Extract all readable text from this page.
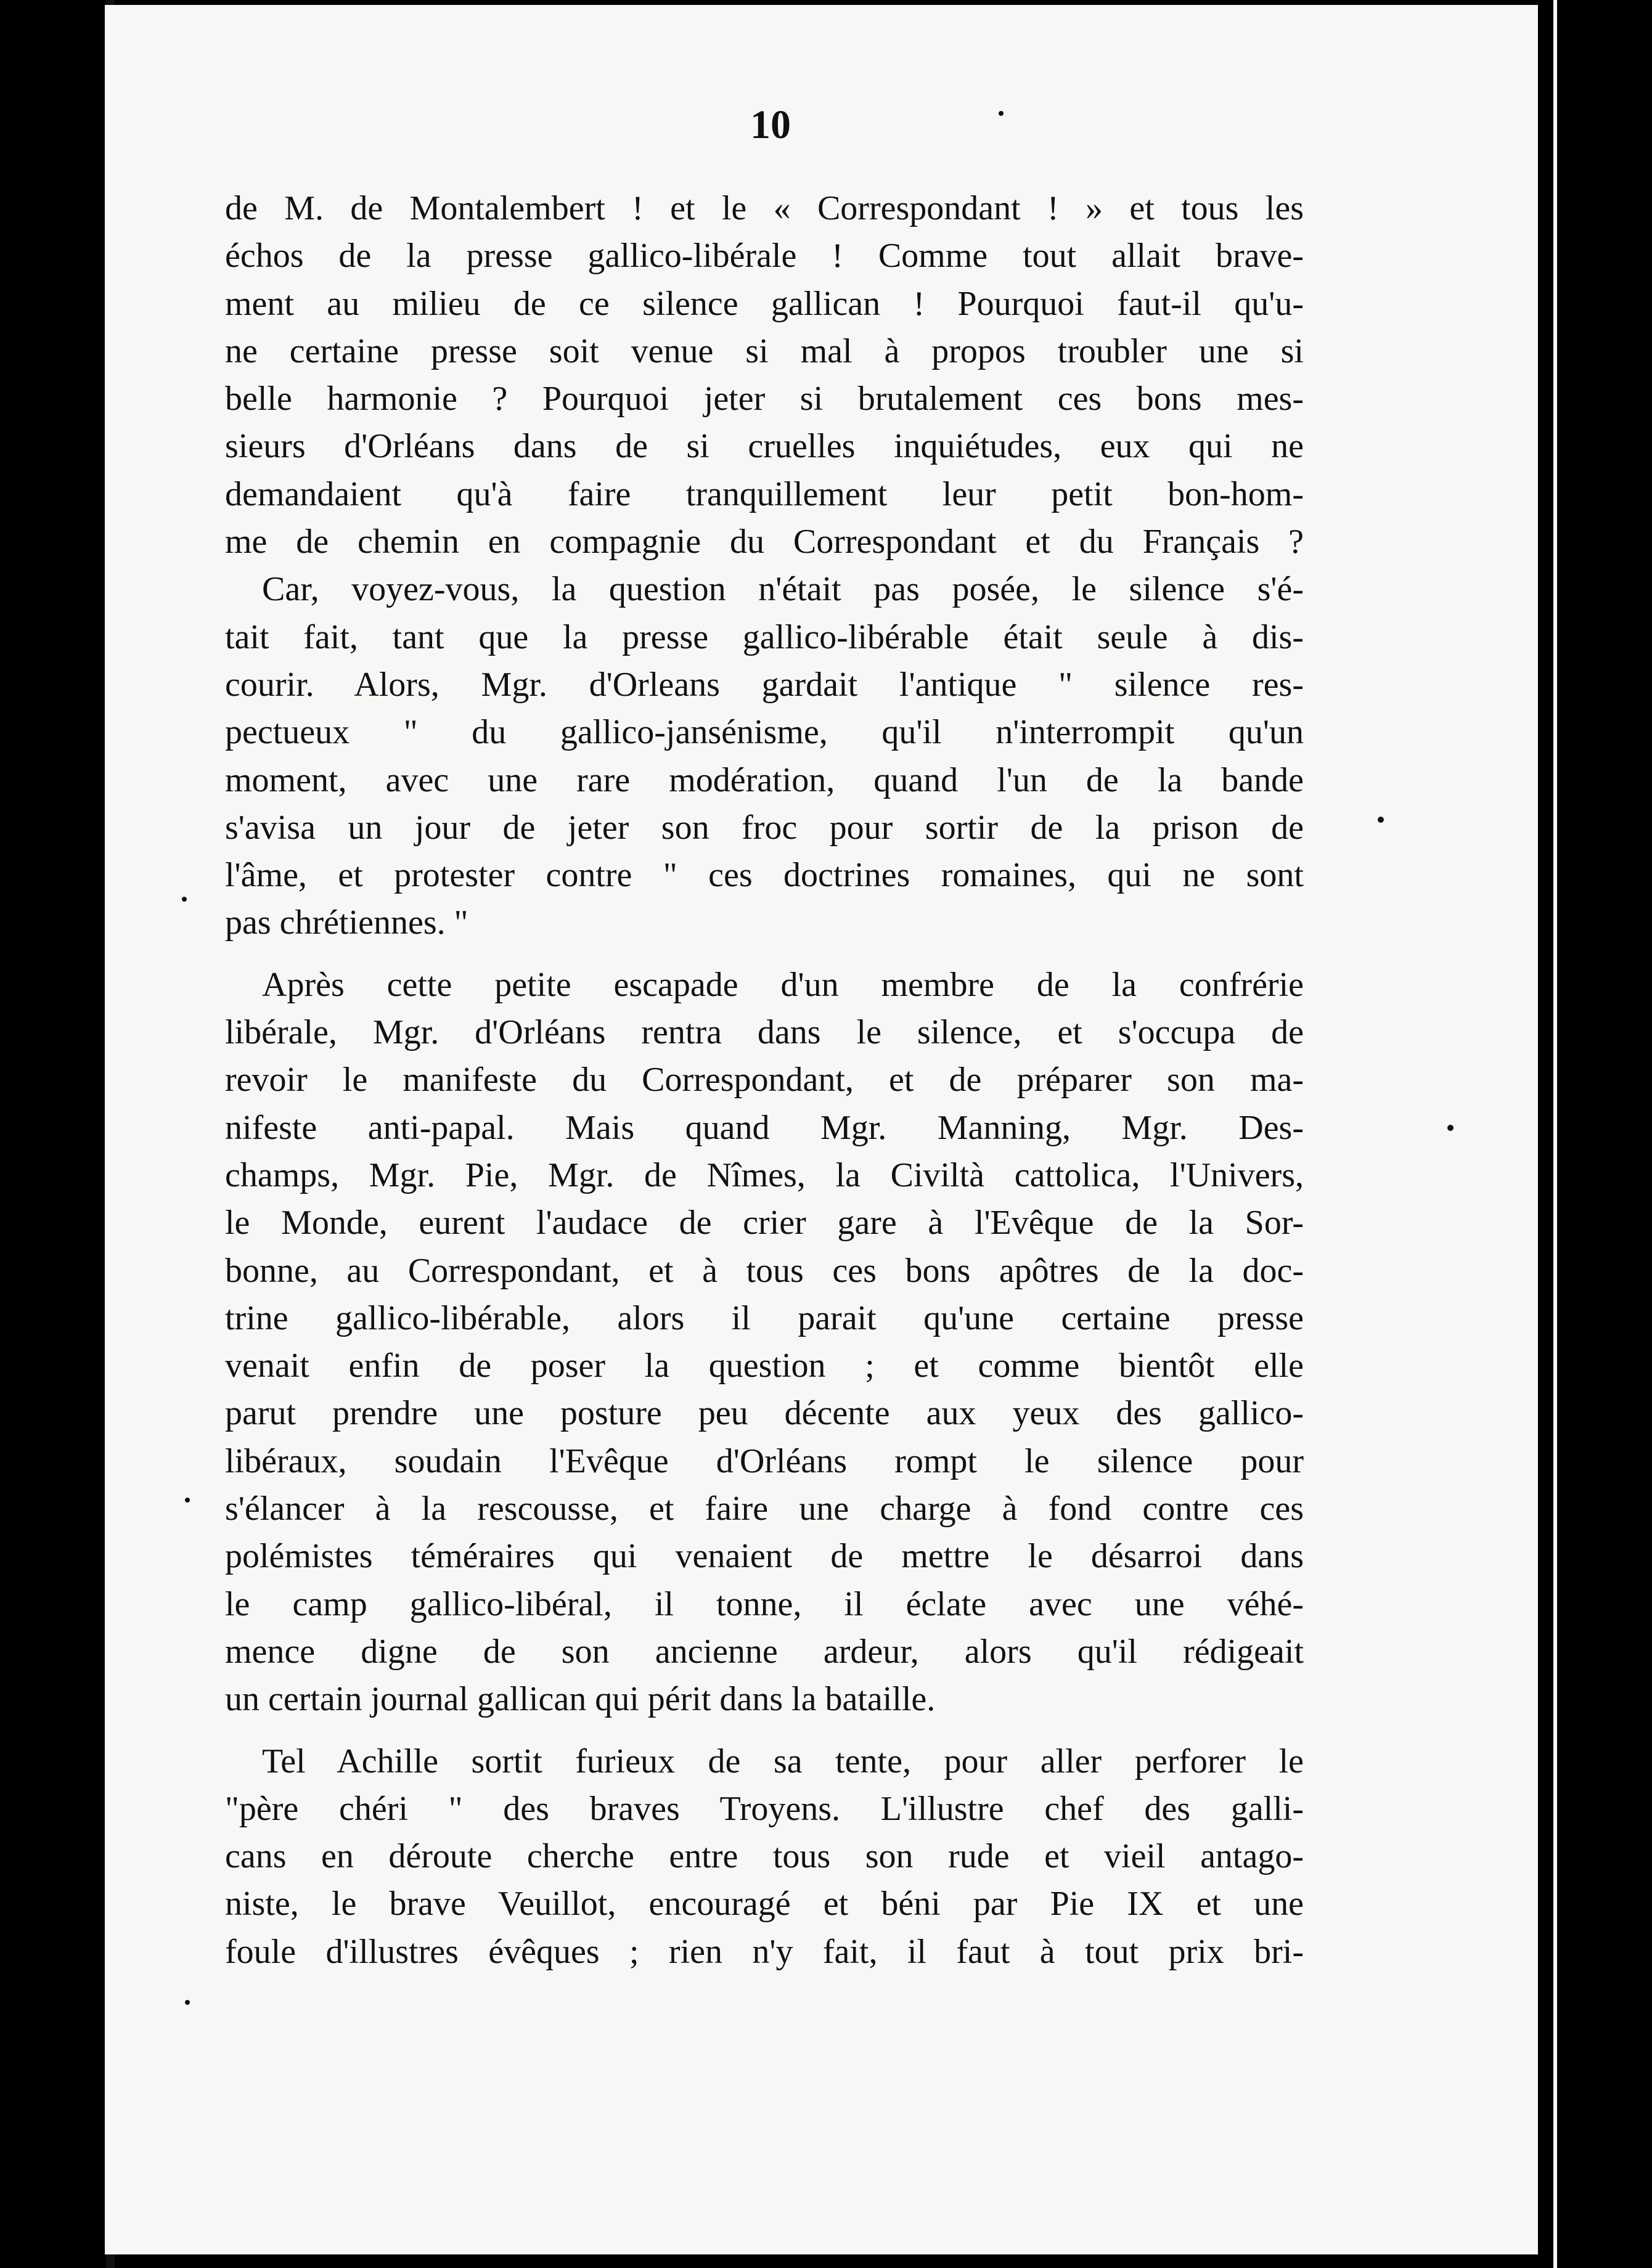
10
de M. de Montalembert ! et le « Correspondant ! » et tous les
échos de la presse gallico-libérale ! Comme tout allait brave-
ment au milieu de ce silence gallican ! Pourquoi faut-il qu'u-
ne certaine presse soit venue si mal à propos troubler une si
belle harmonie ? Pourquoi jeter si brutalement ces bons mes-
sieurs d'Orléans dans de si cruelles inquiétudes, eux qui ne
demandaient qu'à faire tranquillement leur petit bon-hom-
me de chemin en compagnie du Correspondant et du Français ?
Car, voyez-vous, la question n'était pas posée, le silence s'é-
tait fait, tant que la presse gallico-libérable était seule à dis-
courir. Alors, Mgr. d'Orleans gardait l'antique " silence res-
pectueux " du gallico-jansénisme, qu'il n'interrompit qu'un
moment, avec une rare modération, quand l'un de la bande
s'avisa un jour de jeter son froc pour sortir de la prison de
l'âme, et protester contre " ces doctrines romaines, qui ne sont
pas chrétiennes. "
Après cette petite escapade d'un membre de la confrérie
libérale, Mgr. d'Orléans rentra dans le silence, et s'occupa de
revoir le manifeste du Correspondant, et de préparer son ma-
nifeste anti-papal. Mais quand Mgr. Manning, Mgr. Des-
champs, Mgr. Pie, Mgr. de Nîmes, la Civiltà cattolica, l'Univers,
le Monde, eurent l'audace de crier gare à l'Evêque de la Sor-
bonne, au Correspondant, et à tous ces bons apôtres de la doc-
trine gallico-libérable, alors il parait qu'une certaine presse
venait enfin de poser la question ; et comme bientôt elle
parut prendre une posture peu décente aux yeux des gallico-
libéraux, soudain l'Evêque d'Orléans rompt le silence pour
s'élancer à la rescousse, et faire une charge à fond contre ces
polémistes téméraires qui venaient de mettre le désarroi dans
le camp gallico-libéral, il tonne, il éclate avec une véhé-
mence digne de son ancienne ardeur, alors qu'il rédigeait
un certain journal gallican qui périt dans la bataille.
Tel Achille sortit furieux de sa tente, pour aller perforer le
"père chéri " des braves Troyens. L'illustre chef des galli-
cans en déroute cherche entre tous son rude et vieil antago-
niste, le brave Veuillot, encouragé et béni par Pie IX et une
foule d'illustres évêques ; rien n'y fait, il faut à tout prix bri-
